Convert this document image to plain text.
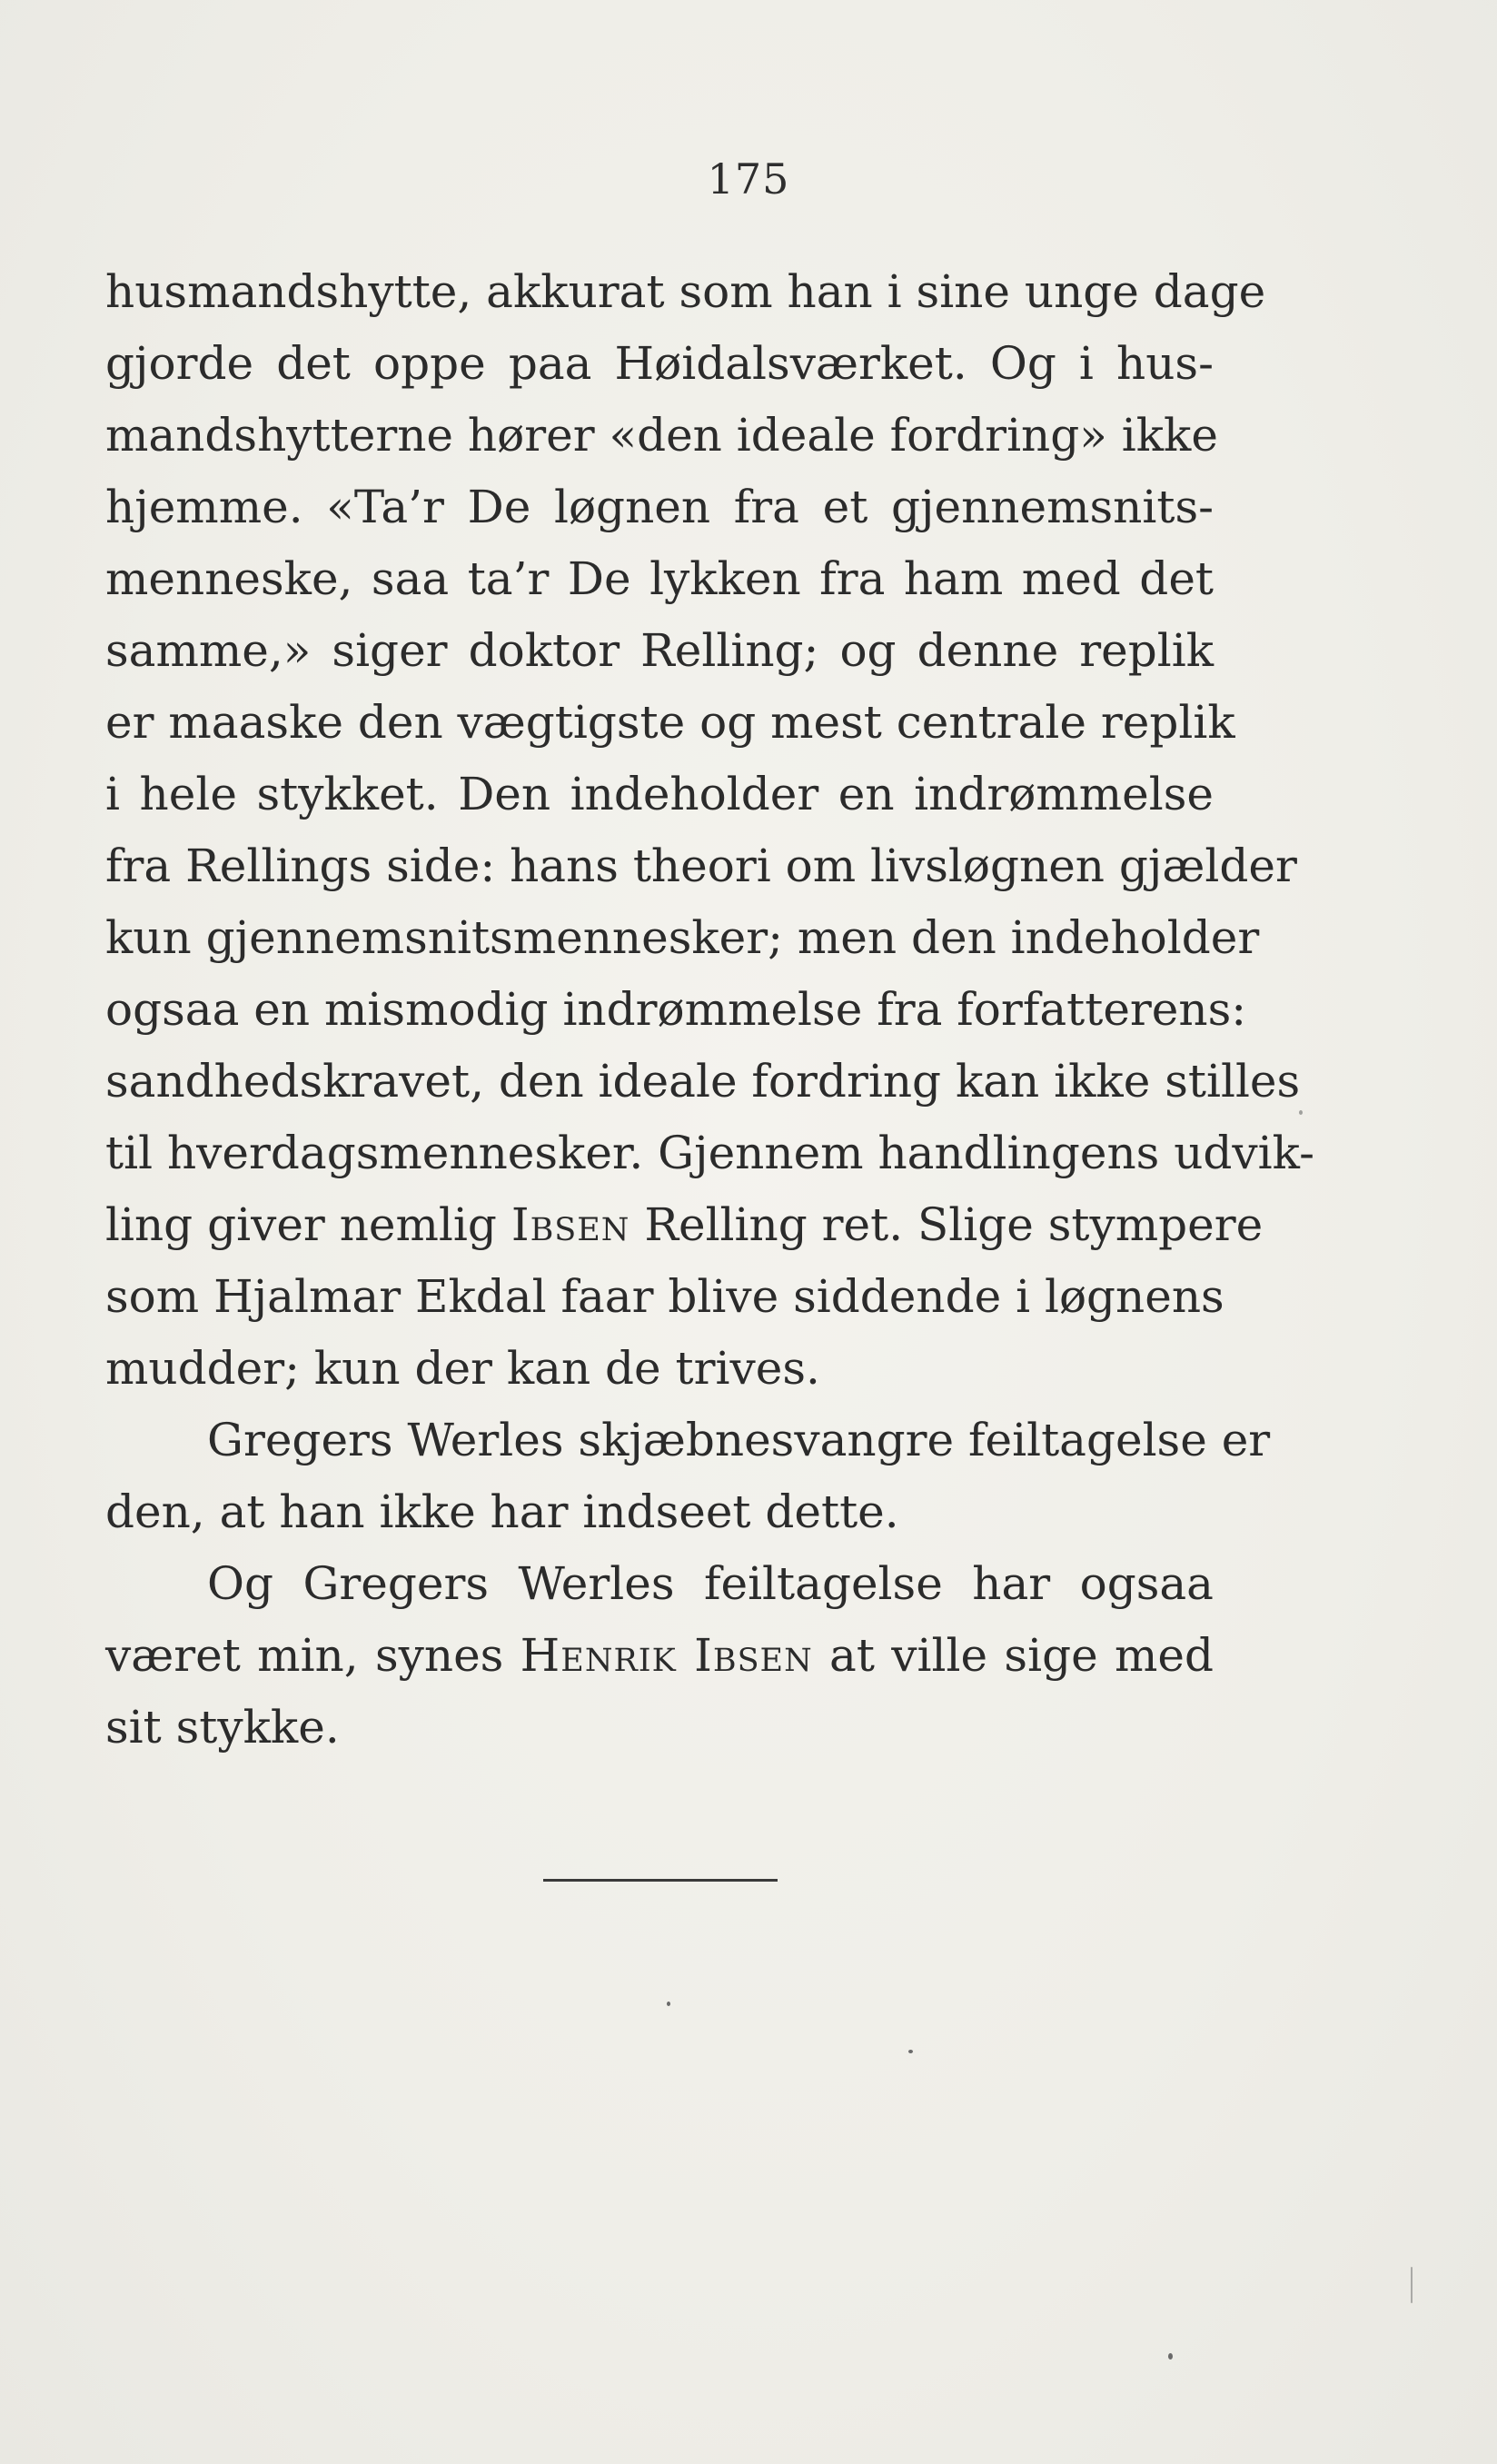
175
husmandshytte, akkurat som han i sine unge dage
gjorde det oppe paa Høidalsværket. Og i hus-
mandshytterne hører «den ideale fordring» ikke
hjemme. «Ta’r De løgnen fra et gjennemsnits-
menneske, saa ta’r De lykken fra ham med det
samme,» siger doktor Relling; og denne replik
er maaske den vægtigste og mest centrale replik
i hele stykket. Den indeholder en indrømmelse
fra Rellings side: hans theori om livsløgnen gjælder
kun gjennemsnitsmennesker; men den indeholder
ogsaa en mismodig indrømmelse fra forfatterens:
sandhedskravet, den ideale fordring kan ikke stilles
til hverdagsmennesker. Gjennem handlingens udvik-
ling giver nemlig Ibsen Relling ret. Slige stympere
som Hjalmar Ekdal faar blive siddende i løgnens
mudder; kun der kan de trives.
Gregers Werles skjæbnesvangre feiltagelse er
den, at han ikke har indseet dette.
Og Gregers Werles feiltagelse har ogsaa
været min, synes Henrik Ibsen at ville sige med
sit stykke.
